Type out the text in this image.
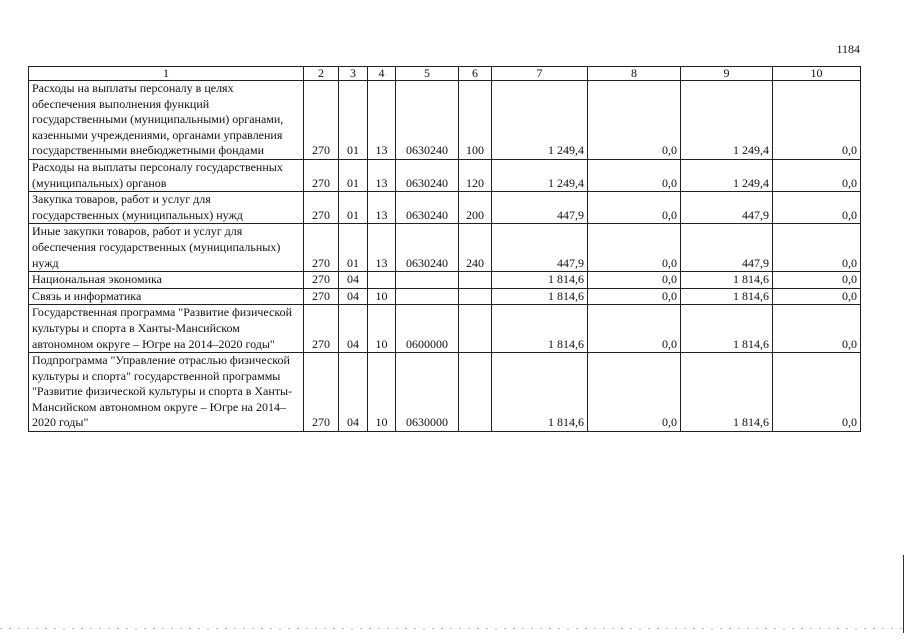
1184
1	2	3	4	5	6	7	8	9	10
Расходы на выплаты персоналу в целях обеспечения выполнения функций государственными (муниципальными) органами, казенными учреждениями, органами управления государственными внебюджетными фондами	270	01	13	0630240	100	1 249,4	0,0	1 249,4	0,0
Расходы на выплаты персоналу государственных (муниципальных) органов	270	01	13	0630240	120	1 249,4	0,0	1 249,4	0,0
Закупка товаров, работ и услуг для государственных (муниципальных) нужд	270	01	13	0630240	200	447,9	0,0	447,9	0,0
Иные закупки товаров, работ и услуг для обеспечения государственных (муниципальных) нужд	270	01	13	0630240	240	447,9	0,0	447,9	0,0
Национальная экономика	270	04				1 814,6	0,0	1 814,6	0,0
Связь и информатика	270	04	10			1 814,6	0,0	1 814,6	0,0
Государственная программа "Развитие физической культуры и спорта в Ханты-Мансийском автономном округе – Югре на 2014–2020 годы"	270	04	10	0600000		1 814,6	0,0	1 814,6	0,0
Подпрограмма "Управление отраслью физической культуры и спорта" государственной программы "Развитие физической культуры и спорта в Ханты-Мансийском автономном округе – Югре на 2014–2020 годы"	270	04	10	0630000		1 814,6	0,0	1 814,6	0,0
